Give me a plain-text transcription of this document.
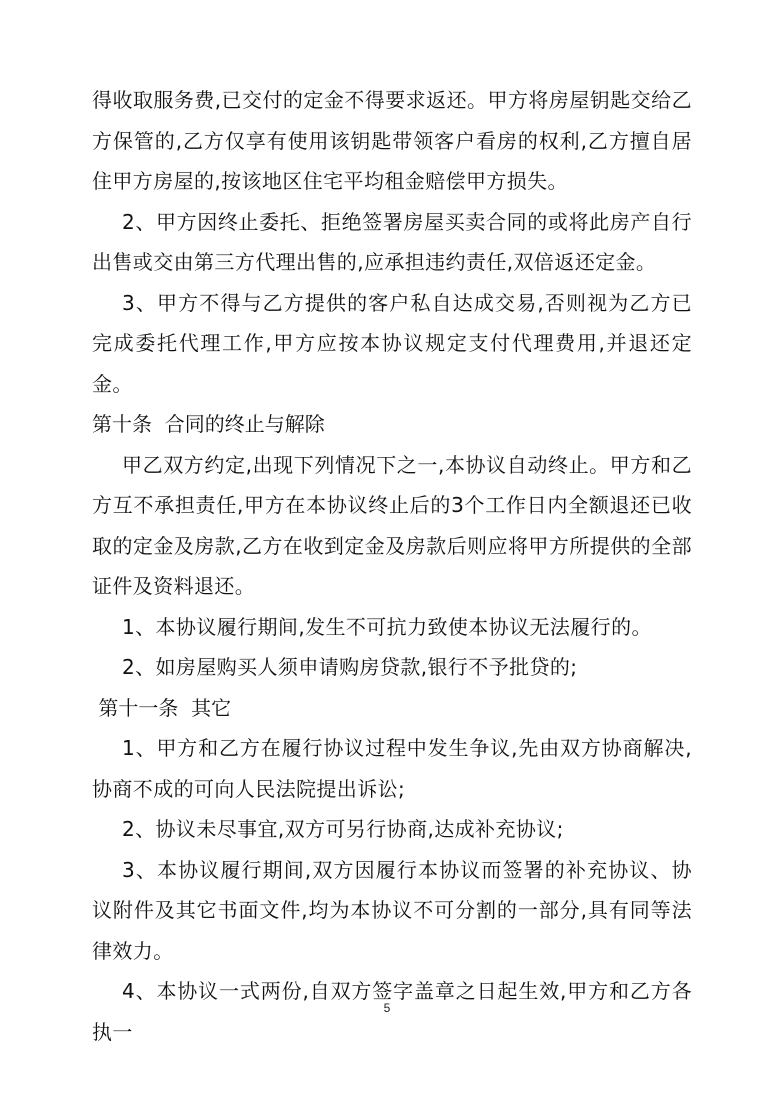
得收取服务费,已交付的定金不得要求返还。甲方将房屋钥匙交给乙方保管的,乙方仅享有使用该钥匙带领客户看房的权利,乙方擅自居住甲方房屋的,按该地区住宅平均租金赔偿甲方损失。

2、甲方因终止委托、拒绝签署房屋买卖合同的或将此房产自行出售或交由第三方代理出售的,应承担违约责任,双倍返还定金。

3、甲方不得与乙方提供的客户私自达成交易,否则视为乙方已完成委托代理工作,甲方应按本协议规定支付代理费用,并退还定金。

第十条  合同的终止与解除

甲乙双方约定,出现下列情况下之一,本协议自动终止。甲方和乙方互不承担责任,甲方在本协议终止后的3个工作日内全额退还已收取的定金及房款,乙方在收到定金及房款后则应将甲方所提供的全部证件及资料退还。

1、本协议履行期间,发生不可抗力致使本协议无法履行的。

2、如房屋购买人须申请购房贷款,银行不予批贷的;

第十一条  其它

1、甲方和乙方在履行协议过程中发生争议,先由双方协商解决,协商不成的可向人民法院提出诉讼;

2、协议未尽事宜,双方可另行协商,达成补充协议;

3、本协议履行期间,双方因履行本协议而签署的补充协议、协议附件及其它书面文件,均为本协议不可分割的一部分,具有同等法律效力。

4、本协议一式两份,自双方签字盖章之日起生效,甲方和乙方各执一

5
